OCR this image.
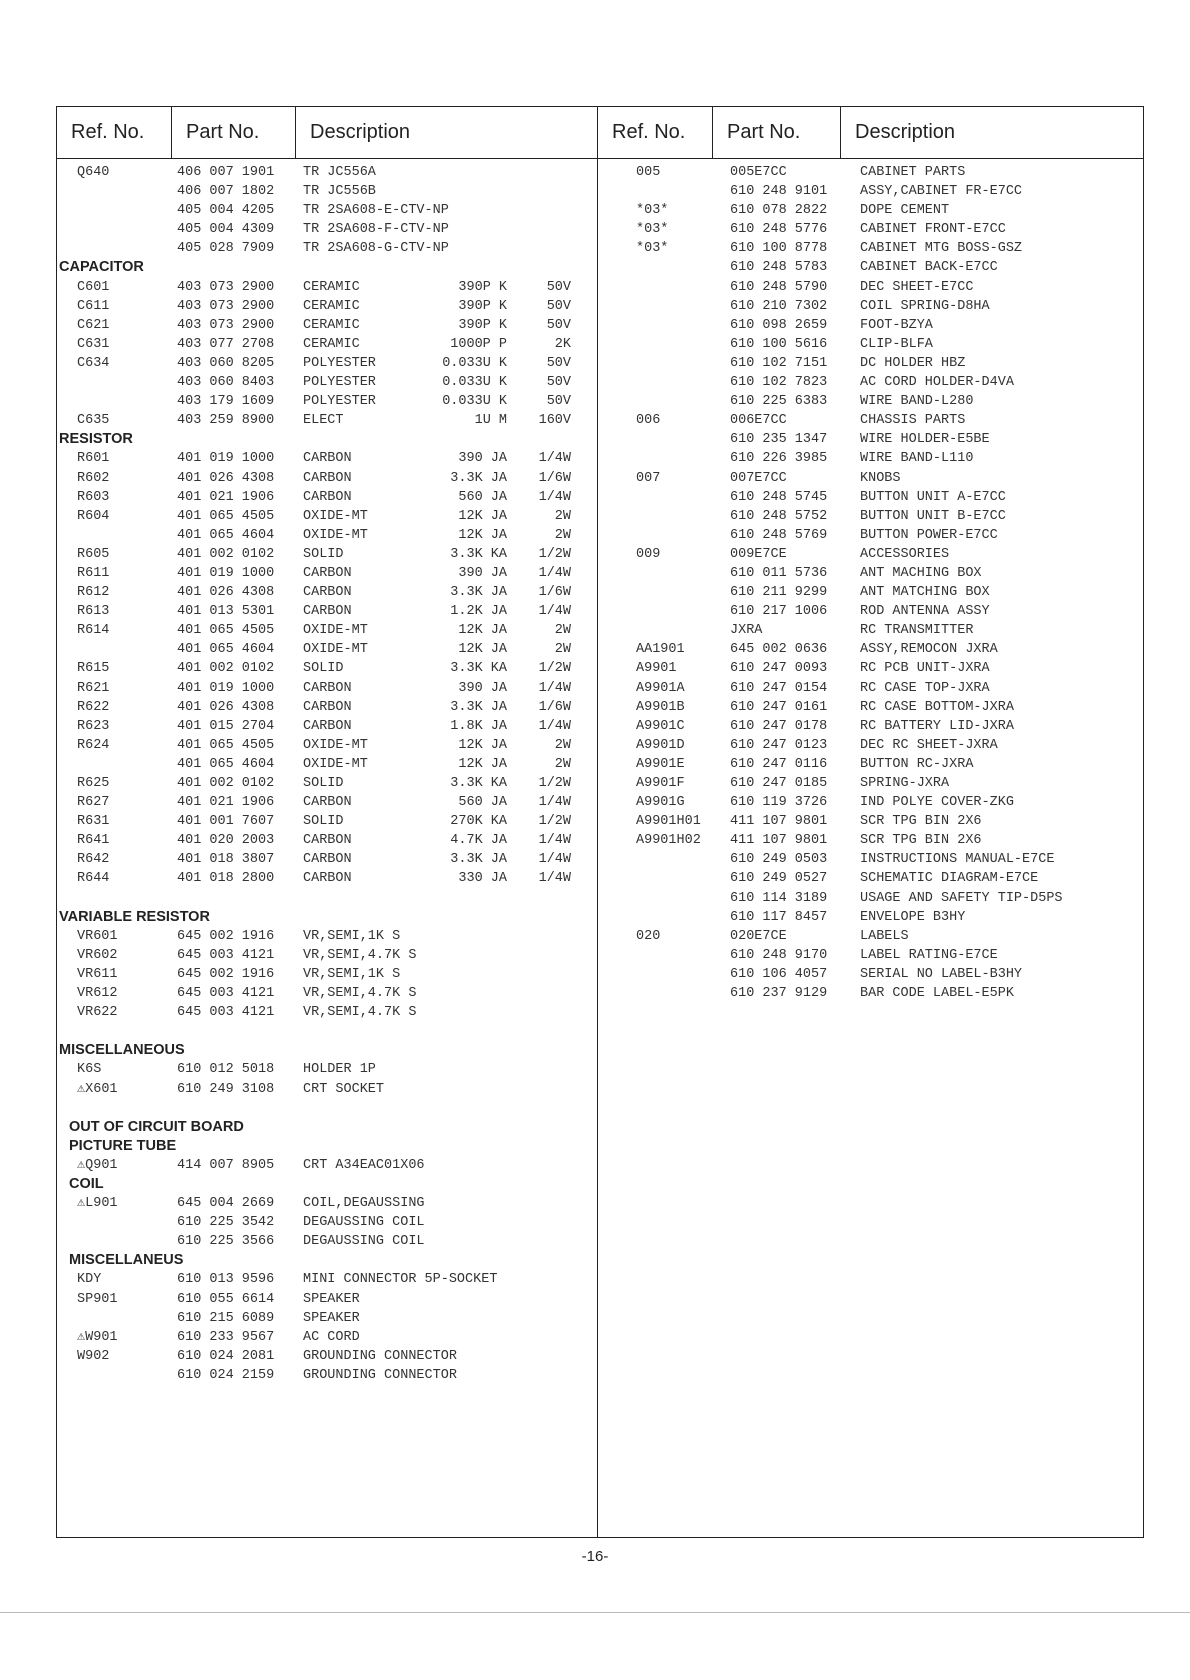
Ref. No.	Part No.	Description	Ref. No.	Part No.	Description
Q640	406 007 1901 TR JC556A
406 007 1802 TR JC556B
405 004 4205 TR 2SA608-E-CTV-NP
405 004 4309 TR 2SA608-F-CTV-NP
405 028 7909 TR 2SA608-G-CTV-NP
CAPACITOR
C601	403 073 2900 CERAMIC	390P K	50V
C611	403 073 2900 CERAMIC	390P K	50V
C621	403 073 2900 CERAMIC	390P K	50V
C631	403 077 2708 CERAMIC	1000P P	2K
C634	403 060 8205 POLYESTER	0.033U K	50V
403 060 8403 POLYESTER	0.033U K	50V
403 179 1609 POLYESTER	0.033U K	50V
C635	403 259 8900 ELECT	1U M	160V
RESISTOR
R601	401 019 1000 CARBON	390 JA	1/4W
R602	401 026 4308 CARBON	3.3K JA	1/6W
R603	401 021 1906 CARBON	560 JA	1/4W
R604	401 065 4505 OXIDE-MT	12K JA	2W
401 065 4604 OXIDE-MT	12K JA	2W
R605	401 002 0102 SOLID	3.3K KA	1/2W
R611	401 019 1000 CARBON	390 JA	1/4W
R612	401 026 4308 CARBON	3.3K JA	1/6W
R613	401 013 5301 CARBON	1.2K JA	1/4W
R614	401 065 4505 OXIDE-MT	12K JA	2W
401 065 4604 OXIDE-MT	12K JA	2W
R615	401 002 0102 SOLID	3.3K KA	1/2W
R621	401 019 1000 CARBON	390 JA	1/4W
R622	401 026 4308 CARBON	3.3K JA	1/6W
R623	401 015 2704 CARBON	1.8K JA	1/4W
R624	401 065 4505 OXIDE-MT	12K JA	2W
401 065 4604 OXIDE-MT	12K JA	2W
R625	401 002 0102 SOLID	3.3K KA	1/2W
R627	401 021 1906 CARBON	560 JA	1/4W
R631	401 001 7607 SOLID	270K KA	1/2W
R641	401 020 2003 CARBON	4.7K JA	1/4W
R642	401 018 3807 CARBON	3.3K JA	1/4W
R644	401 018 2800 CARBON	330 JA	1/4W
VARIABLE RESISTOR
VR601	645 002 1916 VR,SEMI,1K S
VR602	645 003 4121 VR,SEMI,4.7K S
VR611	645 002 1916 VR,SEMI,1K S
VR612	645 003 4121 VR,SEMI,4.7K S
VR622	645 003 4121 VR,SEMI,4.7K S
MISCELLANEOUS
K6S	610 012 5018 HOLDER 1P
⚠X601	610 249 3108 CRT SOCKET
OUT OF CIRCUIT BOARD
PICTURE TUBE
⚠Q901	414 007 8905 CRT A34EAC01X06
COIL
⚠L901	645 004 2669 COIL,DEGAUSSING
610 225 3542 DEGAUSSING COIL
610 225 3566 DEGAUSSING COIL
MISCELLANEUS
KDY	610 013 9596 MINI CONNECTOR 5P-SOCKET
SP901	610 055 6614 SPEAKER
610 215 6089 SPEAKER
⚠W901	610 233 9567 AC CORD
W902	610 024 2081 GROUNDING CONNECTOR
610 024 2159 GROUNDING CONNECTOR
005	005E7CC	CABINET PARTS
610 248 9101 ASSY,CABINET FR-E7CC
*03*	610 078 2822 DOPE CEMENT
*03*	610 248 5776 CABINET FRONT-E7CC
*03*	610 100 8778 CABINET MTG BOSS-GSZ
610 248 5783 CABINET BACK-E7CC
610 248 5790 DEC SHEET-E7CC
610 210 7302 COIL SPRING-D8HA
610 098 2659 FOOT-BZYA
610 100 5616 CLIP-BLFA
610 102 7151 DC HOLDER HBZ
610 102 7823 AC CORD HOLDER-D4VA
610 225 6383 WIRE BAND-L280
006	006E7CC	CHASSIS PARTS
610 235 1347 WIRE HOLDER-E5BE
610 226 3985 WIRE BAND-L110
007	007E7CC	KNOBS
610 248 5745 BUTTON UNIT A-E7CC
610 248 5752 BUTTON UNIT B-E7CC
610 248 5769 BUTTON POWER-E7CC
009	009E7CE	ACCESSORIES
610 011 5736 ANT MACHING BOX
610 211 9299 ANT MATCHING BOX
610 217 1006 ROD ANTENNA ASSY
JXRA	RC TRANSMITTER
AA1901	645 002 0636 ASSY,REMOCON JXRA
A9901	610 247 0093 RC PCB UNIT-JXRA
A9901A	610 247 0154 RC CASE TOP-JXRA
A9901B	610 247 0161 RC CASE BOTTOM-JXRA
A9901C	610 247 0178 RC BATTERY LID-JXRA
A9901D	610 247 0123 DEC RC SHEET-JXRA
A9901E	610 247 0116 BUTTON RC-JXRA
A9901F	610 247 0185 SPRING-JXRA
A9901G	610 119 3726 IND POLYE COVER-ZKG
A9901H01 411 107 9801 SCR TPG BIN 2X6
A9901H02 411 107 9801 SCR TPG BIN 2X6
610 249 0503 INSTRUCTIONS MANUAL-E7CE
610 249 0527 SCHEMATIC DIAGRAM-E7CE
610 114 3189 USAGE AND SAFETY TIP-D5PS
610 117 8457 ENVELOPE B3HY
020	020E7CE	LABELS
610 248 9170 LABEL RATING-E7CE
610 106 4057 SERIAL NO LABEL-B3HY
610 237 9129 BAR CODE LABEL-E5PK
-16-
